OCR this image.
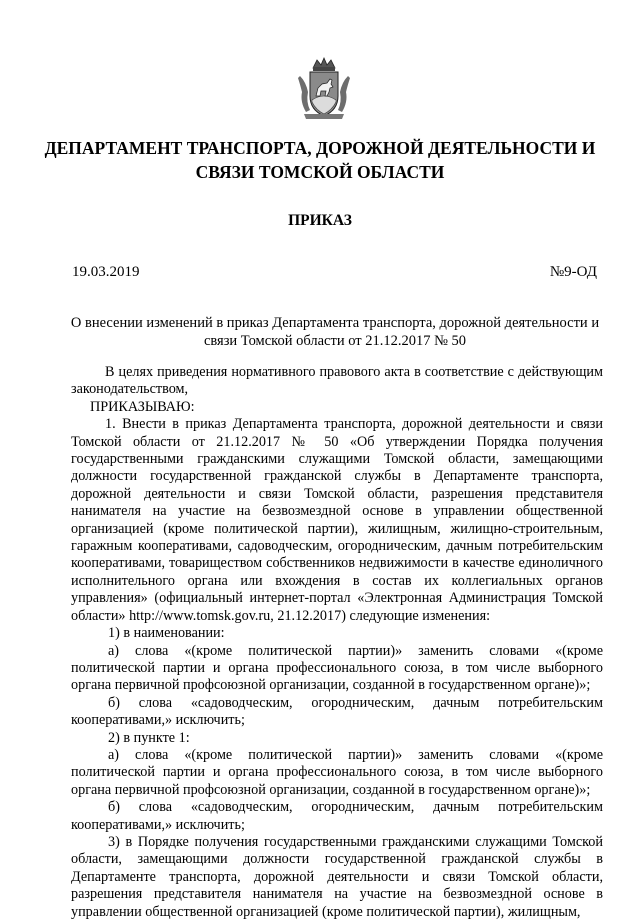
ДЕПАРТАМЕНТ ТРАНСПОРТА, ДОРОЖНОЙ ДЕЯТЕЛЬНОСТИ И СВЯЗИ ТОМСКОЙ ОБЛАСТИ
ПРИКАЗ
19.03.2019	№9-ОД
О внесении изменений в приказ Департамента транспорта, дорожной деятельности и связи Томской области от 21.12.2017 № 50

В целях приведения нормативного правового акта в соответствие с действующим законодательством,

ПРИКАЗЫВАЮ:

1. Внести в приказ Департамента транспорта, дорожной деятельности и связи Томской области от 21.12.2017 № 50 «Об утверждении Порядка получения государственными гражданскими служащими Томской области, замещающими должности государственной гражданской службы в Департаменте транспорта, дорожной деятельности и связи Томской области, разрешения представителя нанимателя на участие на безвозмездной основе в управлении общественной организацией (кроме политической партии), жилищным, жилищно-строительным, гаражным кооперативами, садоводческим, огородническим, дачным потребительским кооперативами, товариществом собственников недвижимости в качестве единоличного исполнительного органа или вхождения в состав их коллегиальных органов управления» (официальный интернет-портал «Электронная Администрация Томской области» http://www.tomsk.gov.ru, 21.12.2017) следующие изменения:

1) в наименовании:

а) слова «(кроме политической партии)» заменить словами «(кроме политической партии и органа профессионального союза, в том числе выборного органа первичной профсоюзной организации, созданной в государственном органе)»;

б) слова «садоводческим, огородническим, дачным потребительским кооперативами,» исключить;

2) в пункте 1:

а) слова «(кроме политической партии)» заменить словами «(кроме политической партии и органа профессионального союза, в том числе выборного органа первичной профсоюзной организации, созданной в государственном органе)»;

б) слова «садоводческим, огородническим, дачным потребительским кооперативами,» исключить;

3) в Порядке получения государственными гражданскими служащими Томской области, замещающими должности государственной гражданской службы в Департаменте транспорта, дорожной деятельности и связи Томской области, разрешения представителя нанимателя на участие на безвозмездной основе в управлении общественной организацией (кроме политической партии), жилищным,
